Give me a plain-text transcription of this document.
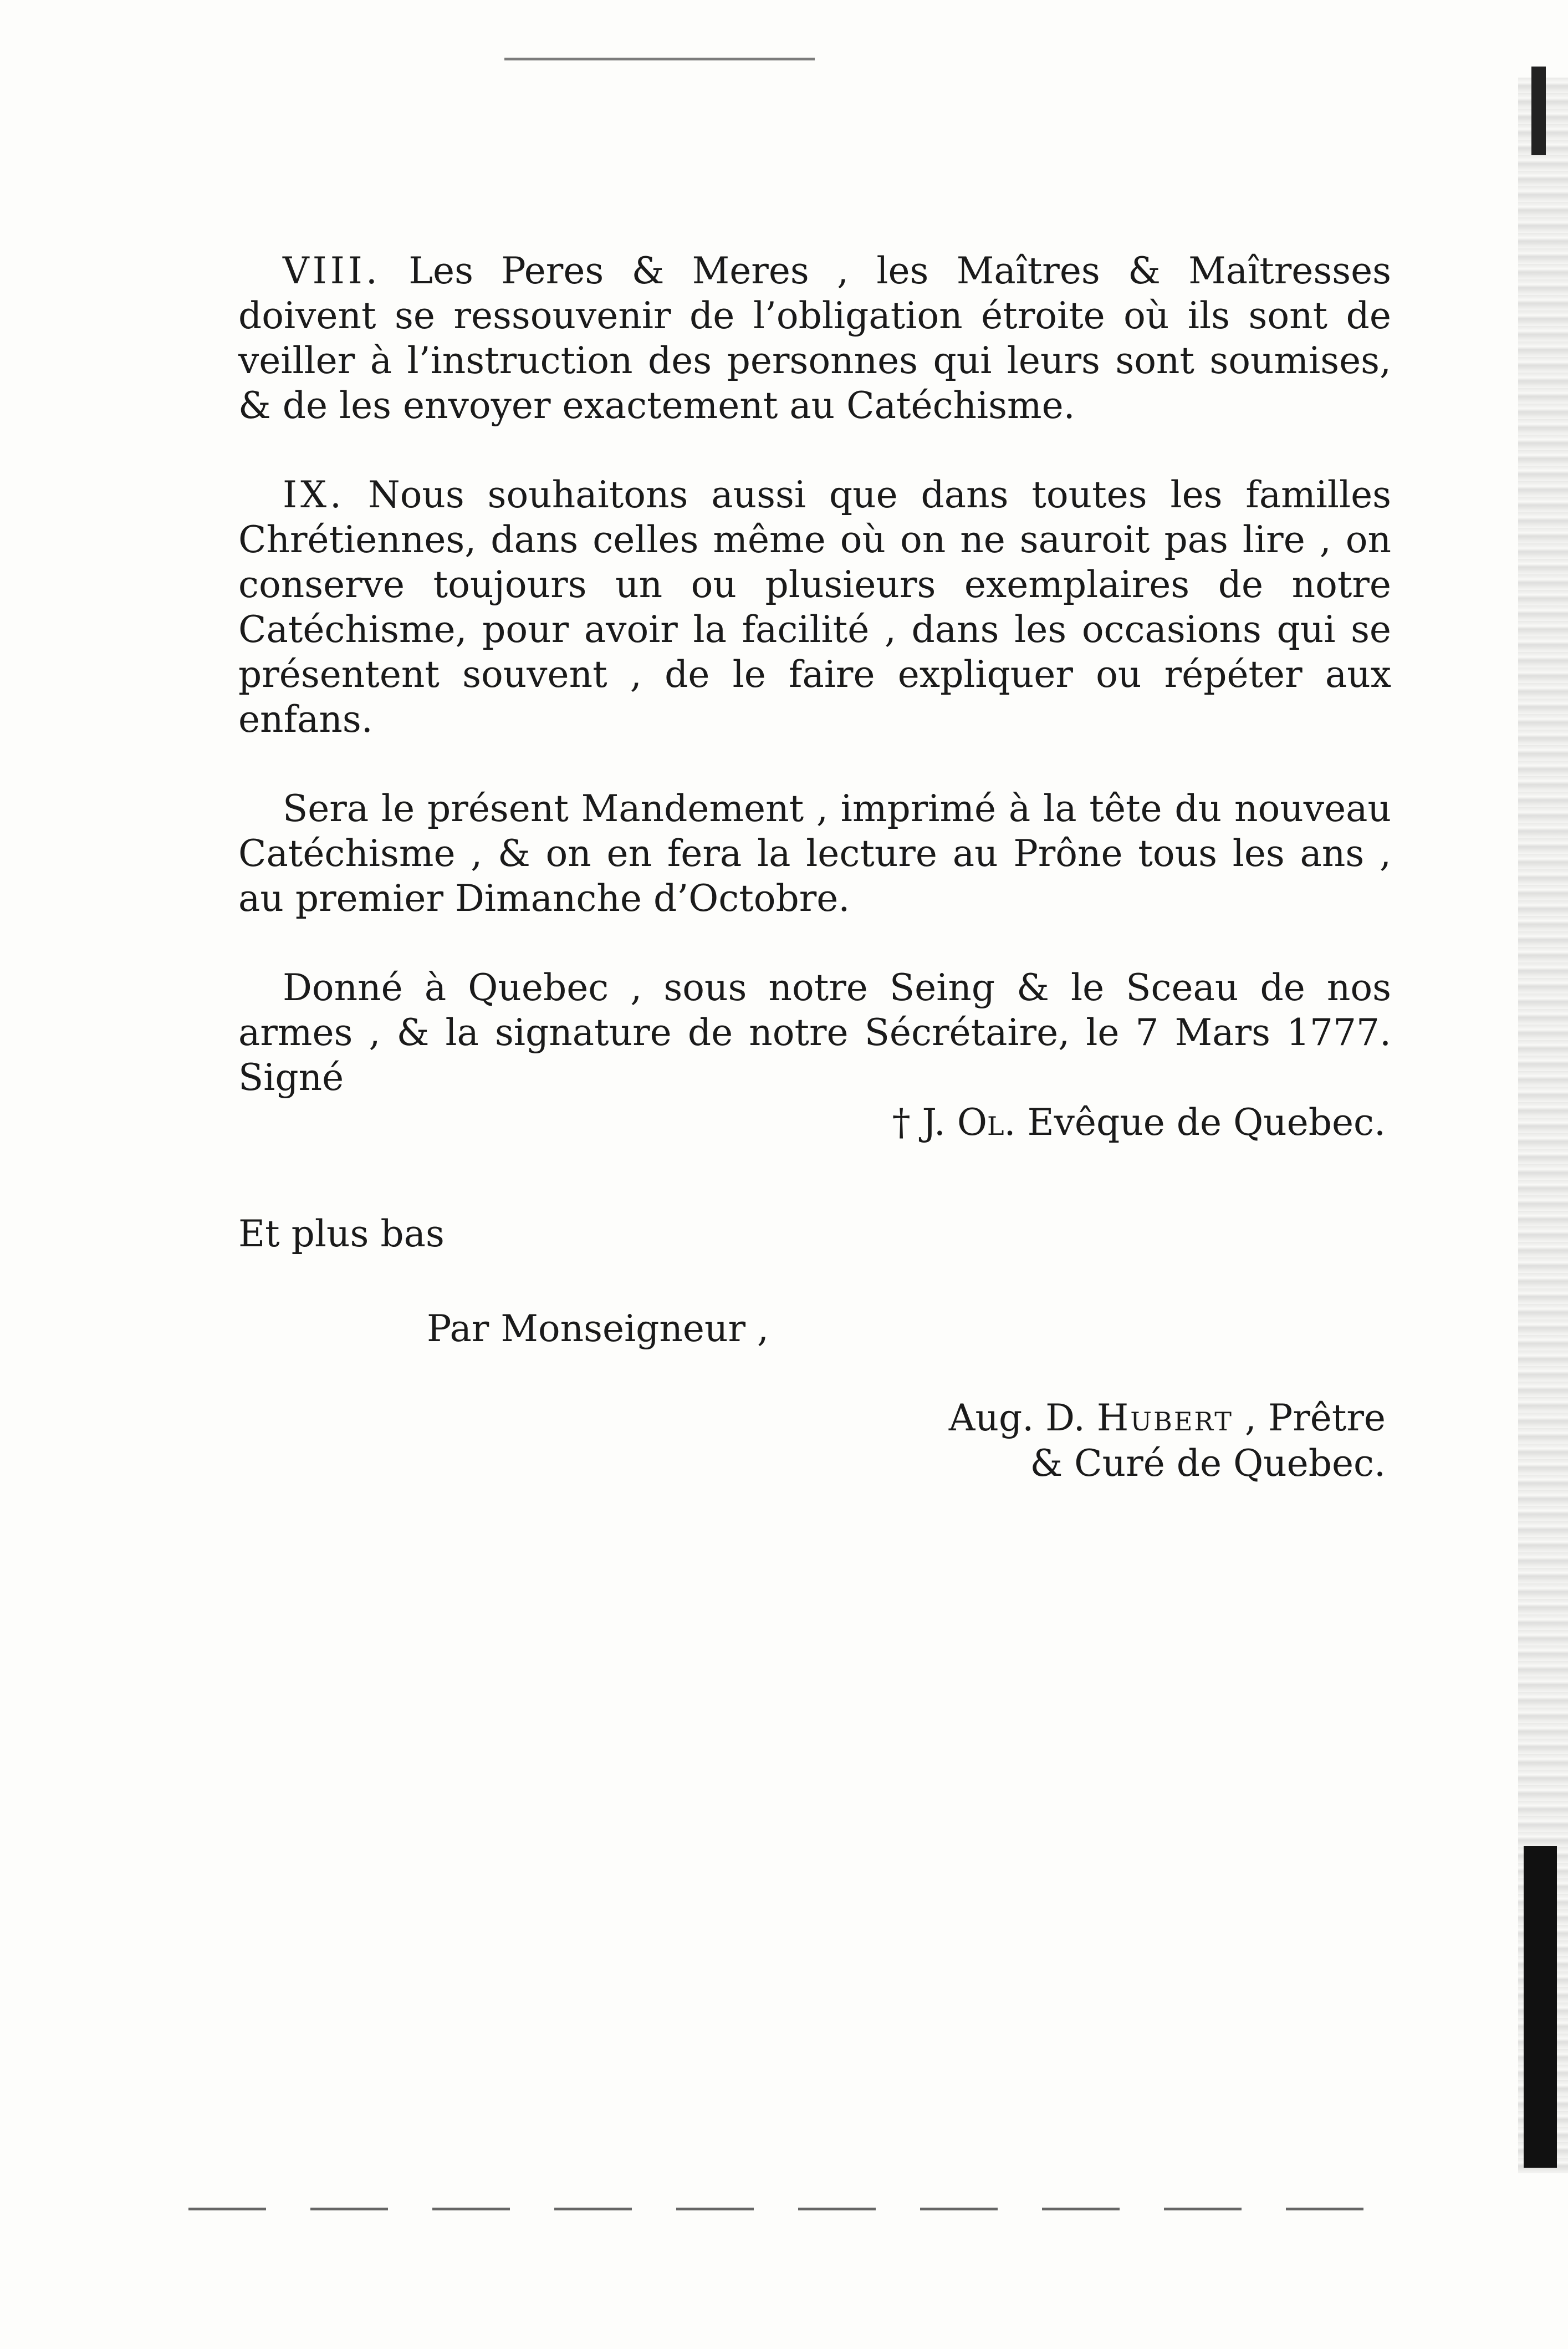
VIII. Les Peres & Meres , les Maîtres & Maîtresses doivent se ressouvenir de l’obligation étroite où ils sont de veiller à l’instruction des personnes qui leurs sont soumises, & de les envoyer exactement au Catéchisme.

IX. Nous souhaitons aussi que dans toutes les familles Chrétiennes, dans celles même où on ne sauroit pas lire , on conserve toujours un ou plusieurs exemplaires de notre Catéchisme, pour avoir la facilité , dans les occasions qui se présentent souvent , de le faire expliquer ou répéter aux enfans.

Sera le présent Mandement , imprimé à la tête du nouveau Catéchisme , & on en fera la lecture au Prône tous les ans , au premier Dimanche d’Octobre.

Donné à Quebec , sous notre Seing & le Sceau de nos armes , & la signature de notre Sécrétaire, le 7 Mars 1777. Signé

† J. Ol. Evêque de Quebec.

Et plus bas

Par Monseigneur ,

Aug. D. Hubert , Prêtre
& Curé de Quebec.
